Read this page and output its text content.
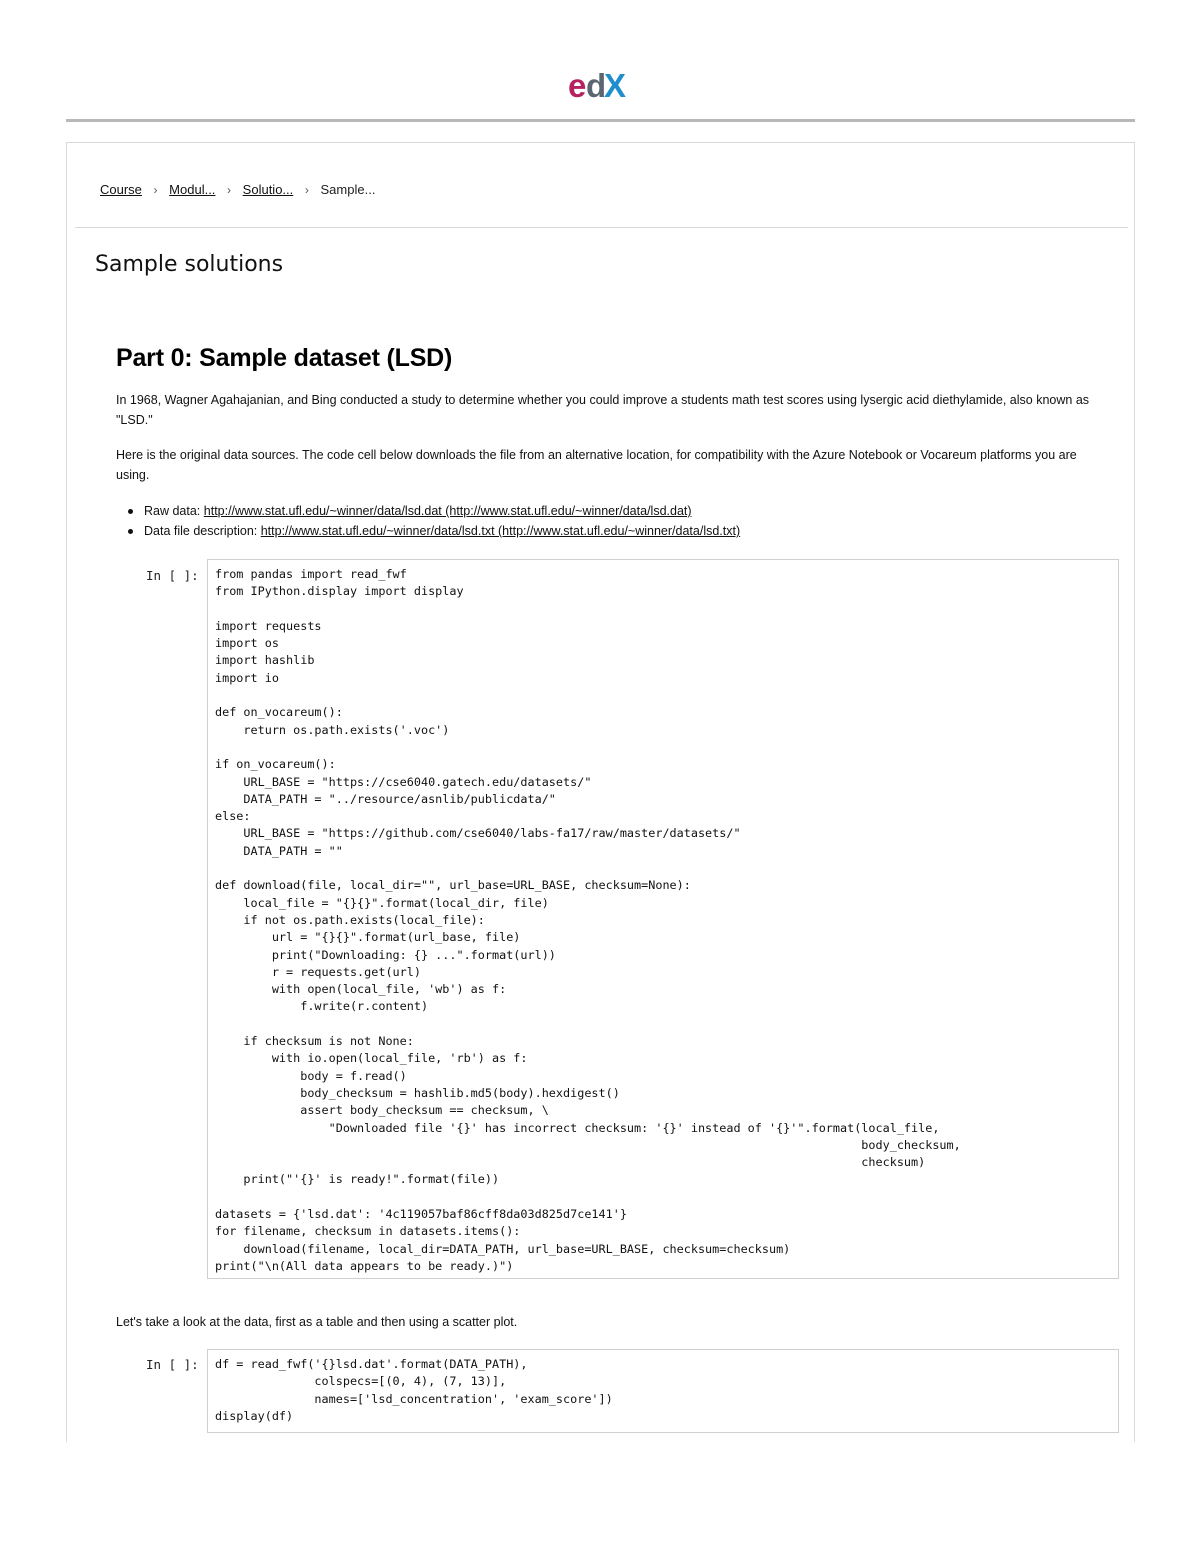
e d
X
Course › Modul... › Solutio... › Sample...
Sample solutions
Part 0: Sample dataset (LSD)

In 1968, Wagner Agahajanian, and Bing conducted a study to determine whether you could improve a students math test scores using lysergic acid diethylamide, also known as "LSD."

Here is the original data sources. The code cell below downloads the file from an alternative location, for compatibility with the Azure Notebook or Vocareum platforms you are using.

Raw data: http://www.stat.ufl.edu/~winner/data/lsd.dat (http://www.stat.ufl.edu/~winner/data/lsd.dat)
Data file description: http://www.stat.ufl.edu/~winner/data/lsd.txt (http://www.stat.ufl.edu/~winner/data/lsd.txt)
In [ ]:	from pandas import read_fwf
from IPython.display import display

import requests
import os
import hashlib
import io

def on_vocareum():
return os.path.exists('.voc')

if on_vocareum():
URL_BASE = "https://cse6040.gatech.edu/datasets/"
DATA_PATH = "../resource/asnlib/publicdata/"
else:
URL_BASE = "https://github.com/cse6040/labs-fa17/raw/master/datasets/"
DATA_PATH = ""

def download(file, local_dir="", url_base=URL_BASE, checksum=None):
local_file = "{}{}".format(local_dir, file)
if not os.path.exists(local_file):
url = "{}{}".format(url_base, file)
print("Downloading: {} ...".format(url))
r = requests.get(url)
with open(local_file, 'wb') as f:
f.write(r.content)

if checksum is not None:
with io.open(local_file, 'rb') as f:
body = f.read()
body_checksum = hashlib.md5(body).hexdigest()
assert body_checksum == checksum, \
"Downloaded file '{}' has incorrect checksum: '{}' instead of '{}'".format(local_file,
body_checksum,
checksum)
print("'{}' is ready!".format(file))

datasets = {'lsd.dat': '4c119057baf86cff8da03d825d7ce141'}
for filename, checksum in datasets.items():
download(filename, local_dir=DATA_PATH, url_base=URL_BASE, checksum=checksum)
print("\n(All data appears to be ready.)")

Let's take a look at the data, first as a table and then using a scatter plot.

In [ ]:	df = read_fwf('{}lsd.dat'.format(DATA_PATH),
colspecs=[(0, 4), (7, 13)],
names=['lsd_concentration', 'exam_score'])
display(df)
